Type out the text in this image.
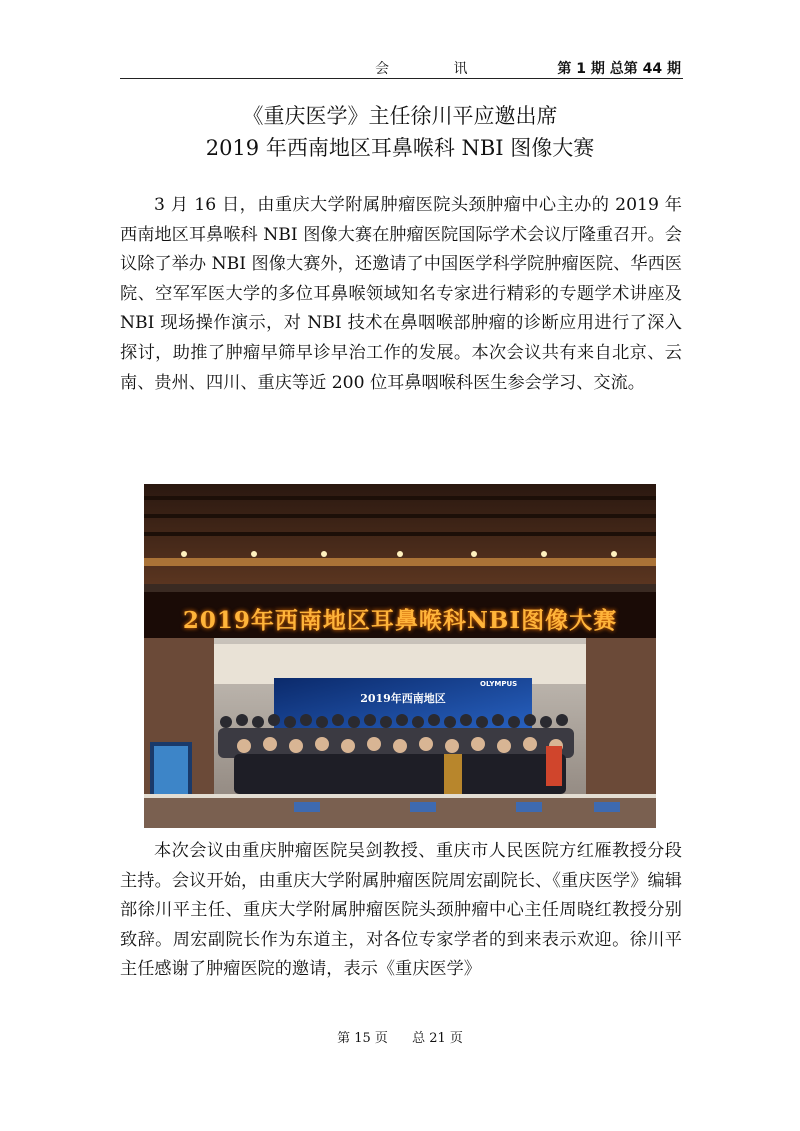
会 讯	第 1 期 总第 44 期
《重庆医学》主任徐川平应邀出席
2019 年西南地区耳鼻喉科 NBI 图像大赛

3 月 16 日，由重庆大学附属肿瘤医院头颈肿瘤中心主办的 2019 年西南地区耳鼻喉科 NBI 图像大赛在肿瘤医院国际学术会议厅隆重召开。会议除了举办 NBI 图像大赛外，还邀请了中国医学科学院肿瘤医院、华西医院、空军军医大学的多位耳鼻喉领域知名专家进行精彩的专题学术讲座及 NBI 现场操作演示，对 NBI 技术在鼻咽喉部肿瘤的诊断应用进行了深入探讨，助推了肿瘤早筛早诊早治工作的发展。本次会议共有来自北京、云南、贵州、四川、重庆等近 200 位耳鼻咽喉科医生参会学习、交流。

2019年西南地区耳鼻喉科NBI图像大赛
2019年西南地区
OLYMPUS

本次会议由重庆肿瘤医院吴剑教授、重庆市人民医院方红雁教授分段主持。会议开始，由重庆大学附属肿瘤医院周宏副院长、《重庆医学》编辑部徐川平主任、重庆大学附属肿瘤医院头颈肿瘤中心主任周晓红教授分别致辞。周宏副院长作为东道主，对各位专家学者的到来表示欢迎。徐川平主任感谢了肿瘤医院的邀请，表示《重庆医学》

第 15 页 总 21 页
